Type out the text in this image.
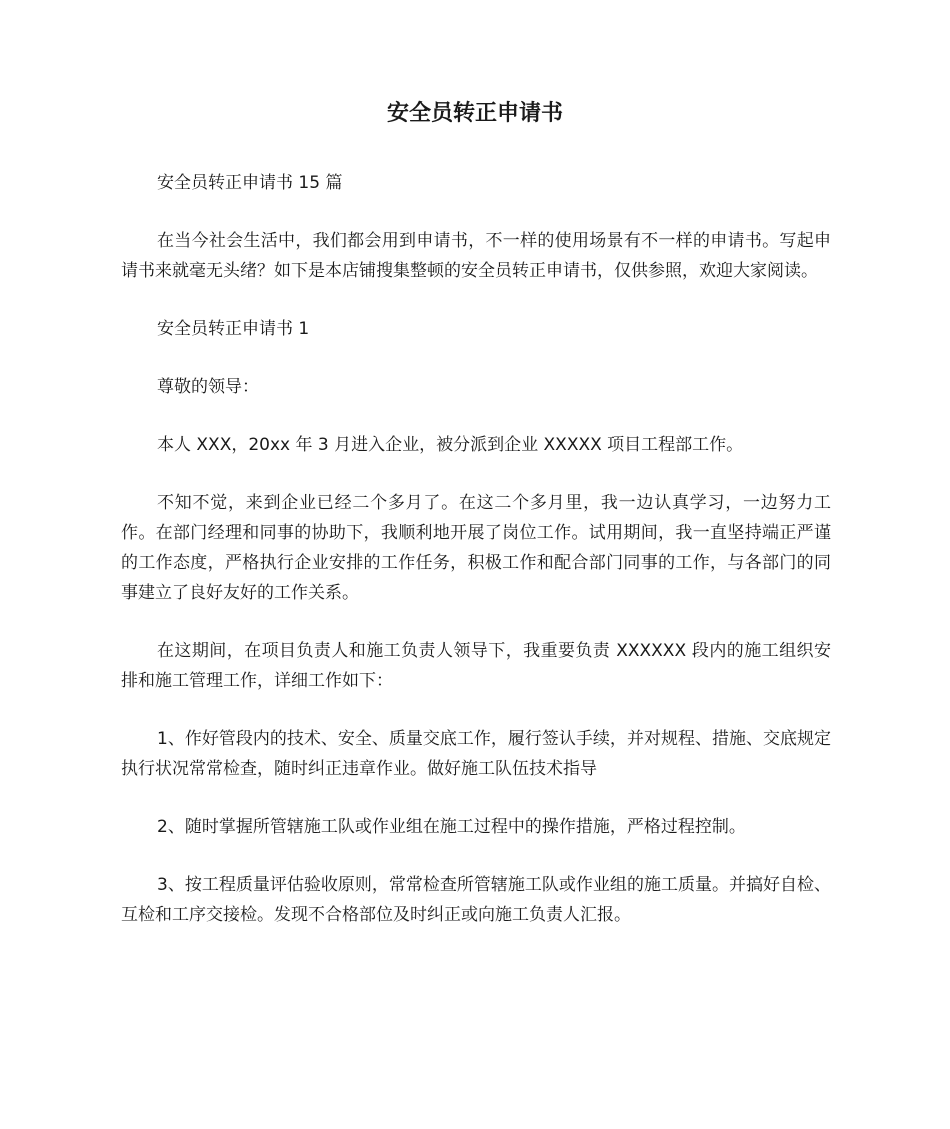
安全员转正申请书

安全员转正申请书 15 篇

在当今社会生活中，我们都会用到申请书，不一样的使用场景有不一样的申请书。写起申请书来就毫无头绪？如下是本店铺搜集整顿的安全员转正申请书，仅供参照，欢迎大家阅读。

安全员转正申请书 1

尊敬的领导：

本人 XXX，20xx 年 3 月进入企业，被分派到企业 XXXXX 项目工程部工作。

不知不觉，来到企业已经二个多月了。在这二个多月里，我一边认真学习，一边努力工作。在部门经理和同事的协助下，我顺利地开展了岗位工作。试用期间，我一直坚持端正严谨的工作态度，严格执行企业安排的工作任务，积极工作和配合部门同事的工作，与各部门的同事建立了良好友好的工作关系。

在这期间，在项目负责人和施工负责人领导下，我重要负责 XXXXXX 段内的施工组织安排和施工管理工作，详细工作如下：

1、作好管段内的技术、安全、质量交底工作，履行签认手续，并对规程、措施、交底规定执行状况常常检查，随时纠正违章作业。做好施工队伍技术指导

2、随时掌握所管辖施工队或作业组在施工过程中的操作措施，严格过程控制。

3、按工程质量评估验收原则，常常检查所管辖施工队或作业组的施工质量。并搞好自检、互检和工序交接检。发现不合格部位及时纠正或向施工负责人汇报。
